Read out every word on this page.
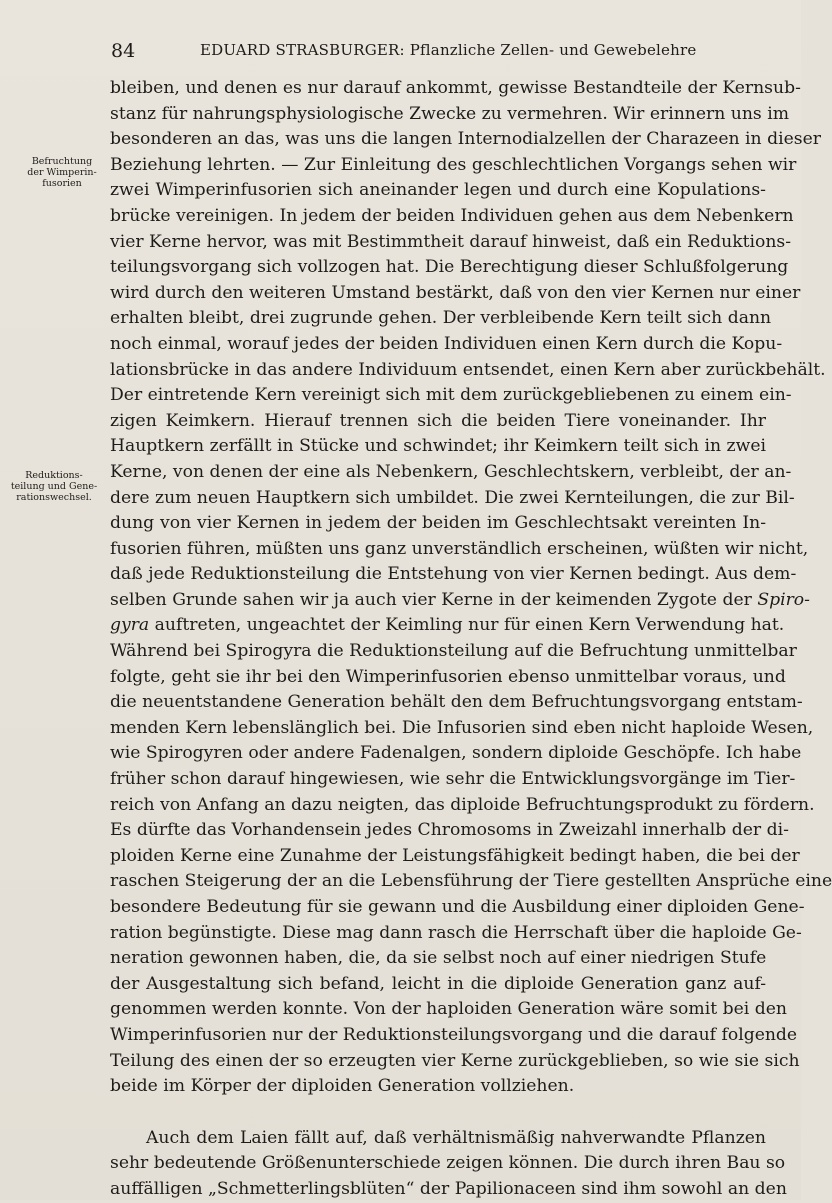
84	EDUARD STRASBURGER: Pflanzliche Zellen- und Gewebelehre
Befruchtung
der Wimperin-
fusorien
Reduktions-
teilung und Gene-
rationswechsel.
bleiben, und denen es nur darauf ankommt, gewisse Bestandteile der Kernsub-
stanz für nahrungsphysiologische Zwecke zu vermehren. Wir erinnern uns im
besonderen an das, was uns die langen Internodialzellen der Charazeen in dieser
Beziehung lehrten. — Zur Einleitung des geschlechtlichen Vorgangs sehen wir
zwei Wimperinfusorien sich aneinander legen und durch eine Kopulations-
brücke vereinigen. In jedem der beiden Individuen gehen aus dem Nebenkern
vier Kerne hervor, was mit Bestimmtheit darauf hinweist, daß ein Reduktions-
teilungsvorgang sich vollzogen hat. Die Berechtigung dieser Schlußfolgerung
wird durch den weiteren Umstand bestärkt, daß von den vier Kernen nur einer
erhalten bleibt, drei zugrunde gehen. Der verbleibende Kern teilt sich dann
noch einmal, worauf jedes der beiden Individuen einen Kern durch die Kopu-
lationsbrücke in das andere Individuum entsendet, einen Kern aber zurückbehält.
Der eintretende Kern vereinigt sich mit dem zurückgebliebenen zu einem ein-
zigen Keimkern. Hierauf trennen sich die beiden Tiere voneinander. Ihr
Hauptkern zerfällt in Stücke und schwindet; ihr Keimkern teilt sich in zwei
Kerne, von denen der eine als Nebenkern, Geschlechtskern, verbleibt, der an-
dere zum neuen Hauptkern sich umbildet. Die zwei Kernteilungen, die zur Bil-
dung von vier Kernen in jedem der beiden im Geschlechtsakt vereinten In-
fusorien führen, müßten uns ganz unverständlich erscheinen, wüßten wir nicht,
daß jede Reduktionsteilung die Entstehung von vier Kernen bedingt. Aus dem-
selben Grunde sahen wir ja auch vier Kerne in der keimenden Zygote der Spiro-
gyra auftreten, ungeachtet der Keimling nur für einen Kern Verwendung hat.
Während bei Spirogyra die Reduktionsteilung auf die Befruchtung unmittelbar
folgte, geht sie ihr bei den Wimperinfusorien ebenso unmittelbar voraus, und
die neuentstandene Generation behält den dem Befruchtungsvorgang entstam-
menden Kern lebenslänglich bei. Die Infusorien sind eben nicht haploide Wesen,
wie Spirogyren oder andere Fadenalgen, sondern diploide Geschöpfe. Ich habe
früher schon darauf hingewiesen, wie sehr die Entwicklungsvorgänge im Tier-
reich von Anfang an dazu neigten, das diploide Befruchtungsprodukt zu fördern.
Es dürfte das Vorhandensein jedes Chromosoms in Zweizahl innerhalb der di-
ploiden Kerne eine Zunahme der Leistungsfähigkeit bedingt haben, die bei der
raschen Steigerung der an die Lebensführung der Tiere gestellten Ansprüche eine
besondere Bedeutung für sie gewann und die Ausbildung einer diploiden Gene-
ration begünstigte. Diese mag dann rasch die Herrschaft über die haploide Ge-
neration gewonnen haben, die, da sie selbst noch auf einer niedrigen Stufe
der Ausgestaltung sich befand, leicht in die diploide Generation ganz auf-
genommen werden konnte. Von der haploiden Generation wäre somit bei den
Wimperinfusorien nur der Reduktionsteilungsvorgang und die darauf folgende
Teilung des einen der so erzeugten vier Kerne zurückgeblieben, so wie sie sich
beide im Körper der diploiden Generation vollziehen.
Auch dem Laien fällt auf, daß verhältnismäßig nahverwandte Pflanzen
sehr bedeutende Größenunterschiede zeigen können. Die durch ihren Bau so
auffälligen „Schmetterlingsblüten“ der Papilionaceen sind ihm sowohl an den
